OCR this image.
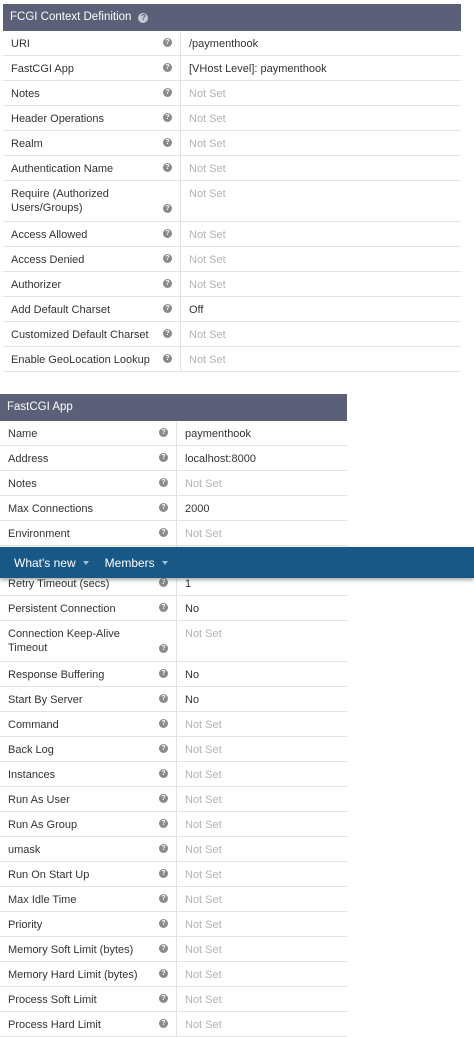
FCGI Context Definition	?
URI	?	/paymenthook
FastCGI App	?	[VHost Level]: paymenthook
Notes	?	Not Set
Header Operations	?	Not Set
Realm	?	Not Set
Authentication Name	?	Not Set
Require (Authorized Users/Groups)	?
Not Set
Access Allowed	?	Not Set
Access Denied	?	Not Set
Authorizer	?	Not Set
Add Default Charset	?	Off
Customized Default Charset	?	Not Set
Enable GeoLocation Lookup	?	Not Set
FastCGI App
Name	?	paymenthook
Address	?	localhost:8000
Notes	?	Not Set
Max Connections	?	2000
Environment	?	Not Set
Retry Timeout (secs)	?	1
Persistent Connection	?	No
Connection Keep-Alive Timeout	?
Not Set
Response Buffering	?	No
Start By Server	?	No
Command	?	Not Set
Back Log	?	Not Set
Instances	?	Not Set
Run As User	?	Not Set
Run As Group	?	Not Set
umask	?	Not Set
Run On Start Up	?	Not Set
Max Idle Time	?	Not Set
Priority	?	Not Set
Memory Soft Limit (bytes)	?	Not Set
Memory Hard Limit (bytes)	?	Not Set
Process Soft Limit	?	Not Set
Process Hard Limit	?	Not Set
What's new Members
